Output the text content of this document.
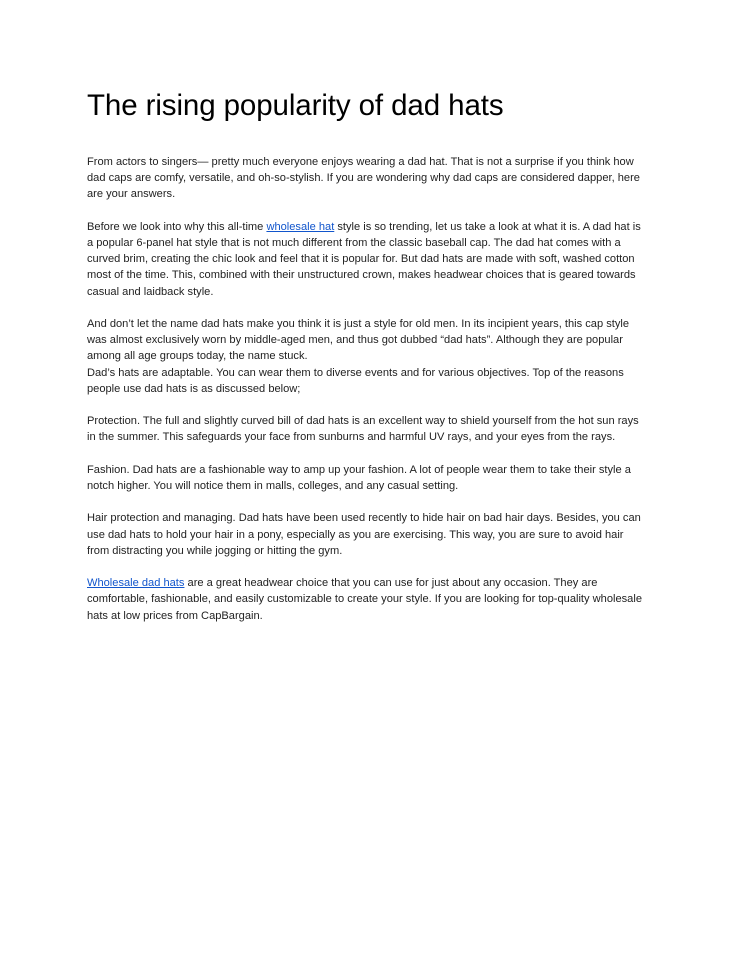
The rising popularity of dad hats

From actors to singers— pretty much everyone enjoys wearing a dad hat. That is not a surprise if you think how dad caps are comfy, versatile, and oh-so-stylish. If you are wondering why dad caps are considered dapper, here are your answers.

Before we look into why this all-time wholesale hat style is so trending, let us take a look at what it is. A dad hat is a popular 6-panel hat style that is not much different from the classic baseball cap. The dad hat comes with a curved brim, creating the chic look and feel that it is popular for. But dad hats are made with soft, washed cotton most of the time. This, combined with their unstructured crown, makes headwear choices that is geared towards casual and laidback style.

And don’t let the name dad hats make you think it is just a style for old men. In its incipient years, this cap style was almost exclusively worn by middle-aged men, and thus got dubbed “dad hats”. Although they are popular among all age groups today, the name stuck.

Dad’s hats are adaptable. You can wear them to diverse events and for various objectives. Top of the reasons people use dad hats is as discussed below;

Protection. The full and slightly curved bill of dad hats is an excellent way to shield yourself from the hot sun rays in the summer. This safeguards your face from sunburns and harmful UV rays, and your eyes from the rays.

Fashion. Dad hats are a fashionable way to amp up your fashion. A lot of people wear them to take their style a notch higher. You will notice them in malls, colleges, and any casual setting.

Hair protection and managing. Dad hats have been used recently to hide hair on bad hair days. Besides, you can use dad hats to hold your hair in a pony, especially as you are exercising. This way, you are sure to avoid hair from distracting you while jogging or hitting the gym.

Wholesale dad hats are a great headwear choice that you can use for just about any occasion. They are comfortable, fashionable, and easily customizable to create your style. If you are looking for top-quality wholesale hats at low prices from CapBargain.
